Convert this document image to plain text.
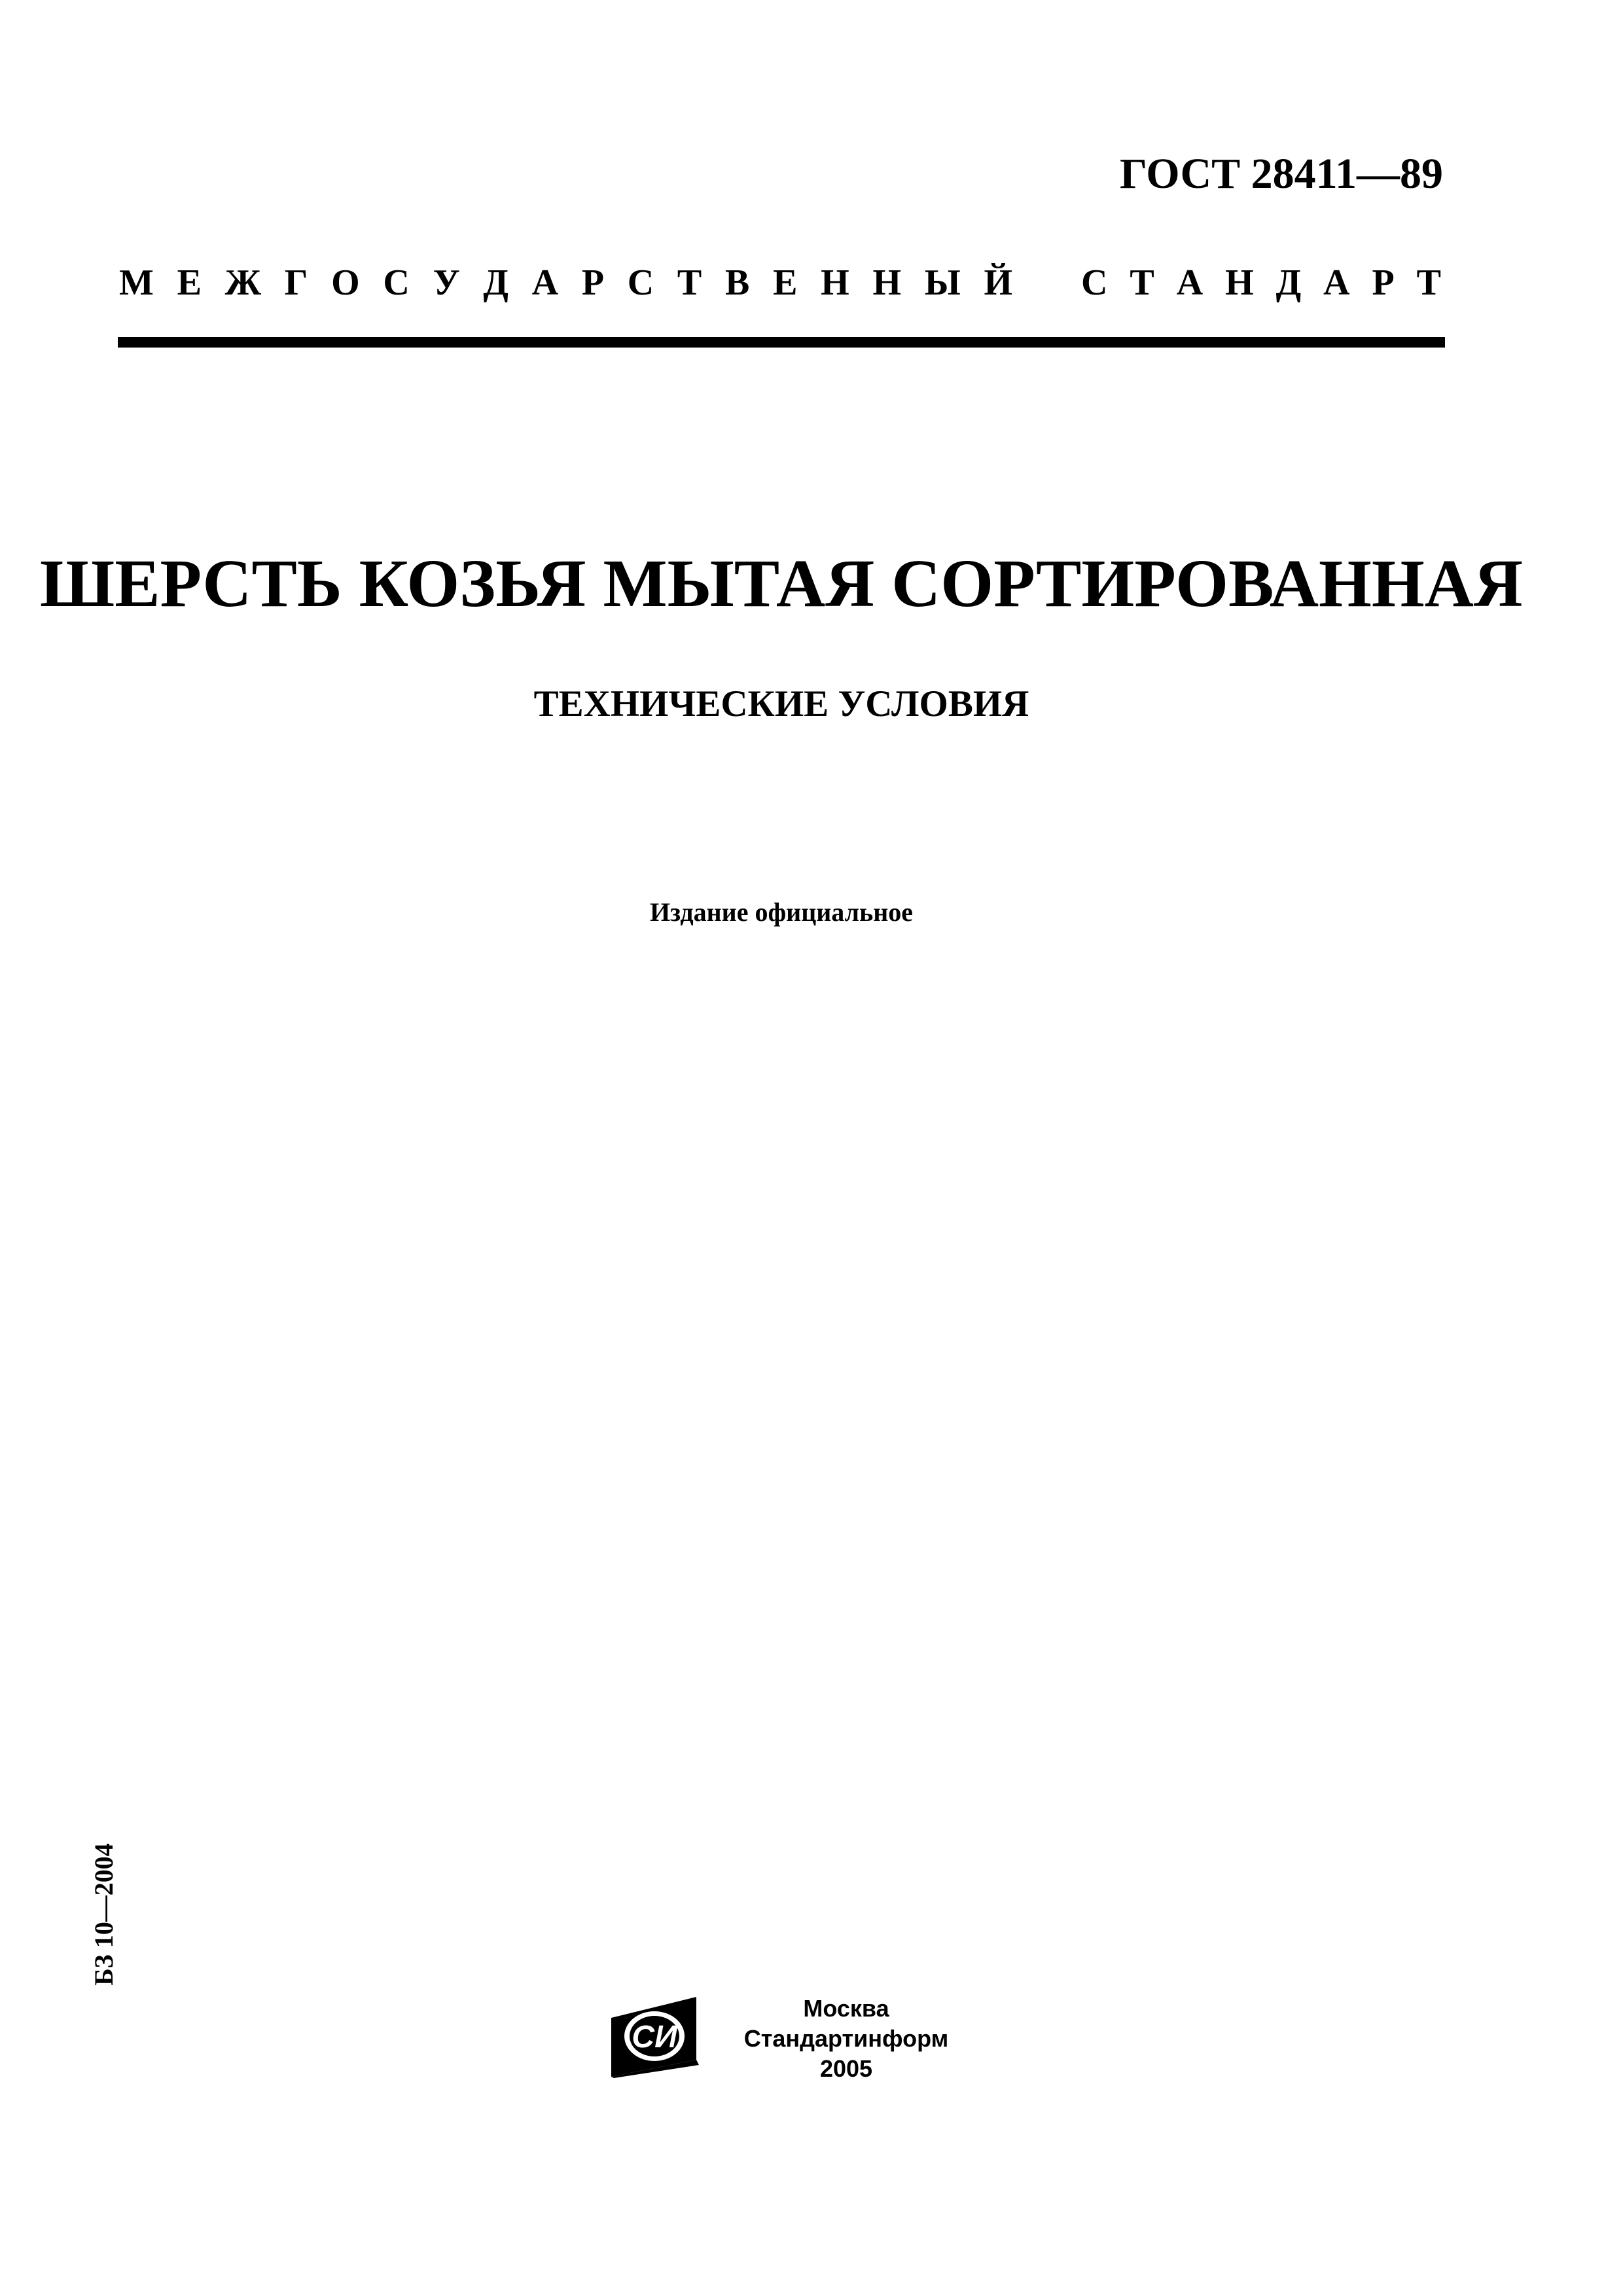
ГОСТ 28411—89
М Е Ж Г О С У Д А Р С Т В Е Н Н Ы Й С Т А Н Д А Р Т
ШЕРСТЬ КОЗЬЯ МЫТАЯ СОРТИРОВАННАЯ
ТЕХНИЧЕСКИЕ УСЛОВИЯ
Издание официальное
БЗ 10—2004
СИ
Москва
Стандартинформ
2005
